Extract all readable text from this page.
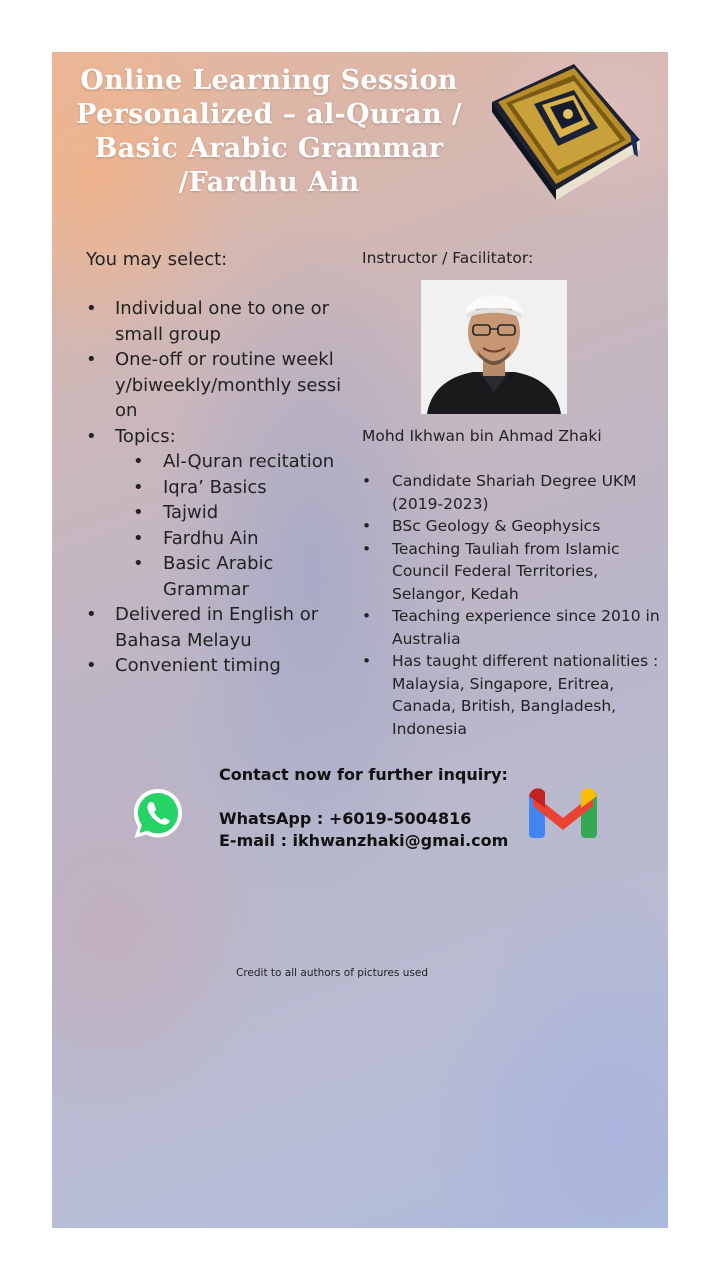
Online Learning Session
Personalized – al-Quran /
Basic Arabic Grammar
/Fardhu Ain

You may select:

• Individual one to one or small group
• One-off or routine weekly/biweekly/monthly session
• Topics:
• Al-Quran recitation
• Iqra’ Basics
• Tajwid
• Fardhu Ain
• Basic Arabic Grammar
• Delivered in English or Bahasa Melayu
• Convenient timing

Instructor / Facilitator:

Mohd Ikhwan bin Ahmad Zhaki

• Candidate Shariah Degree UKM (2019-2023)
• BSc Geology & Geophysics
• Teaching Tauliah from Islamic Council Federal Territories, Selangor, Kedah
• Teaching experience since 2010 in Australia
• Has taught different nationalities : Malaysia, Singapore, Eritrea, Canada, British, Bangladesh, Indonesia

Contact now for further inquiry:

WhatsApp : +6019-5004816

E-mail : ikhwanzhaki@gmai.com

Credit to all authors of pictures used
